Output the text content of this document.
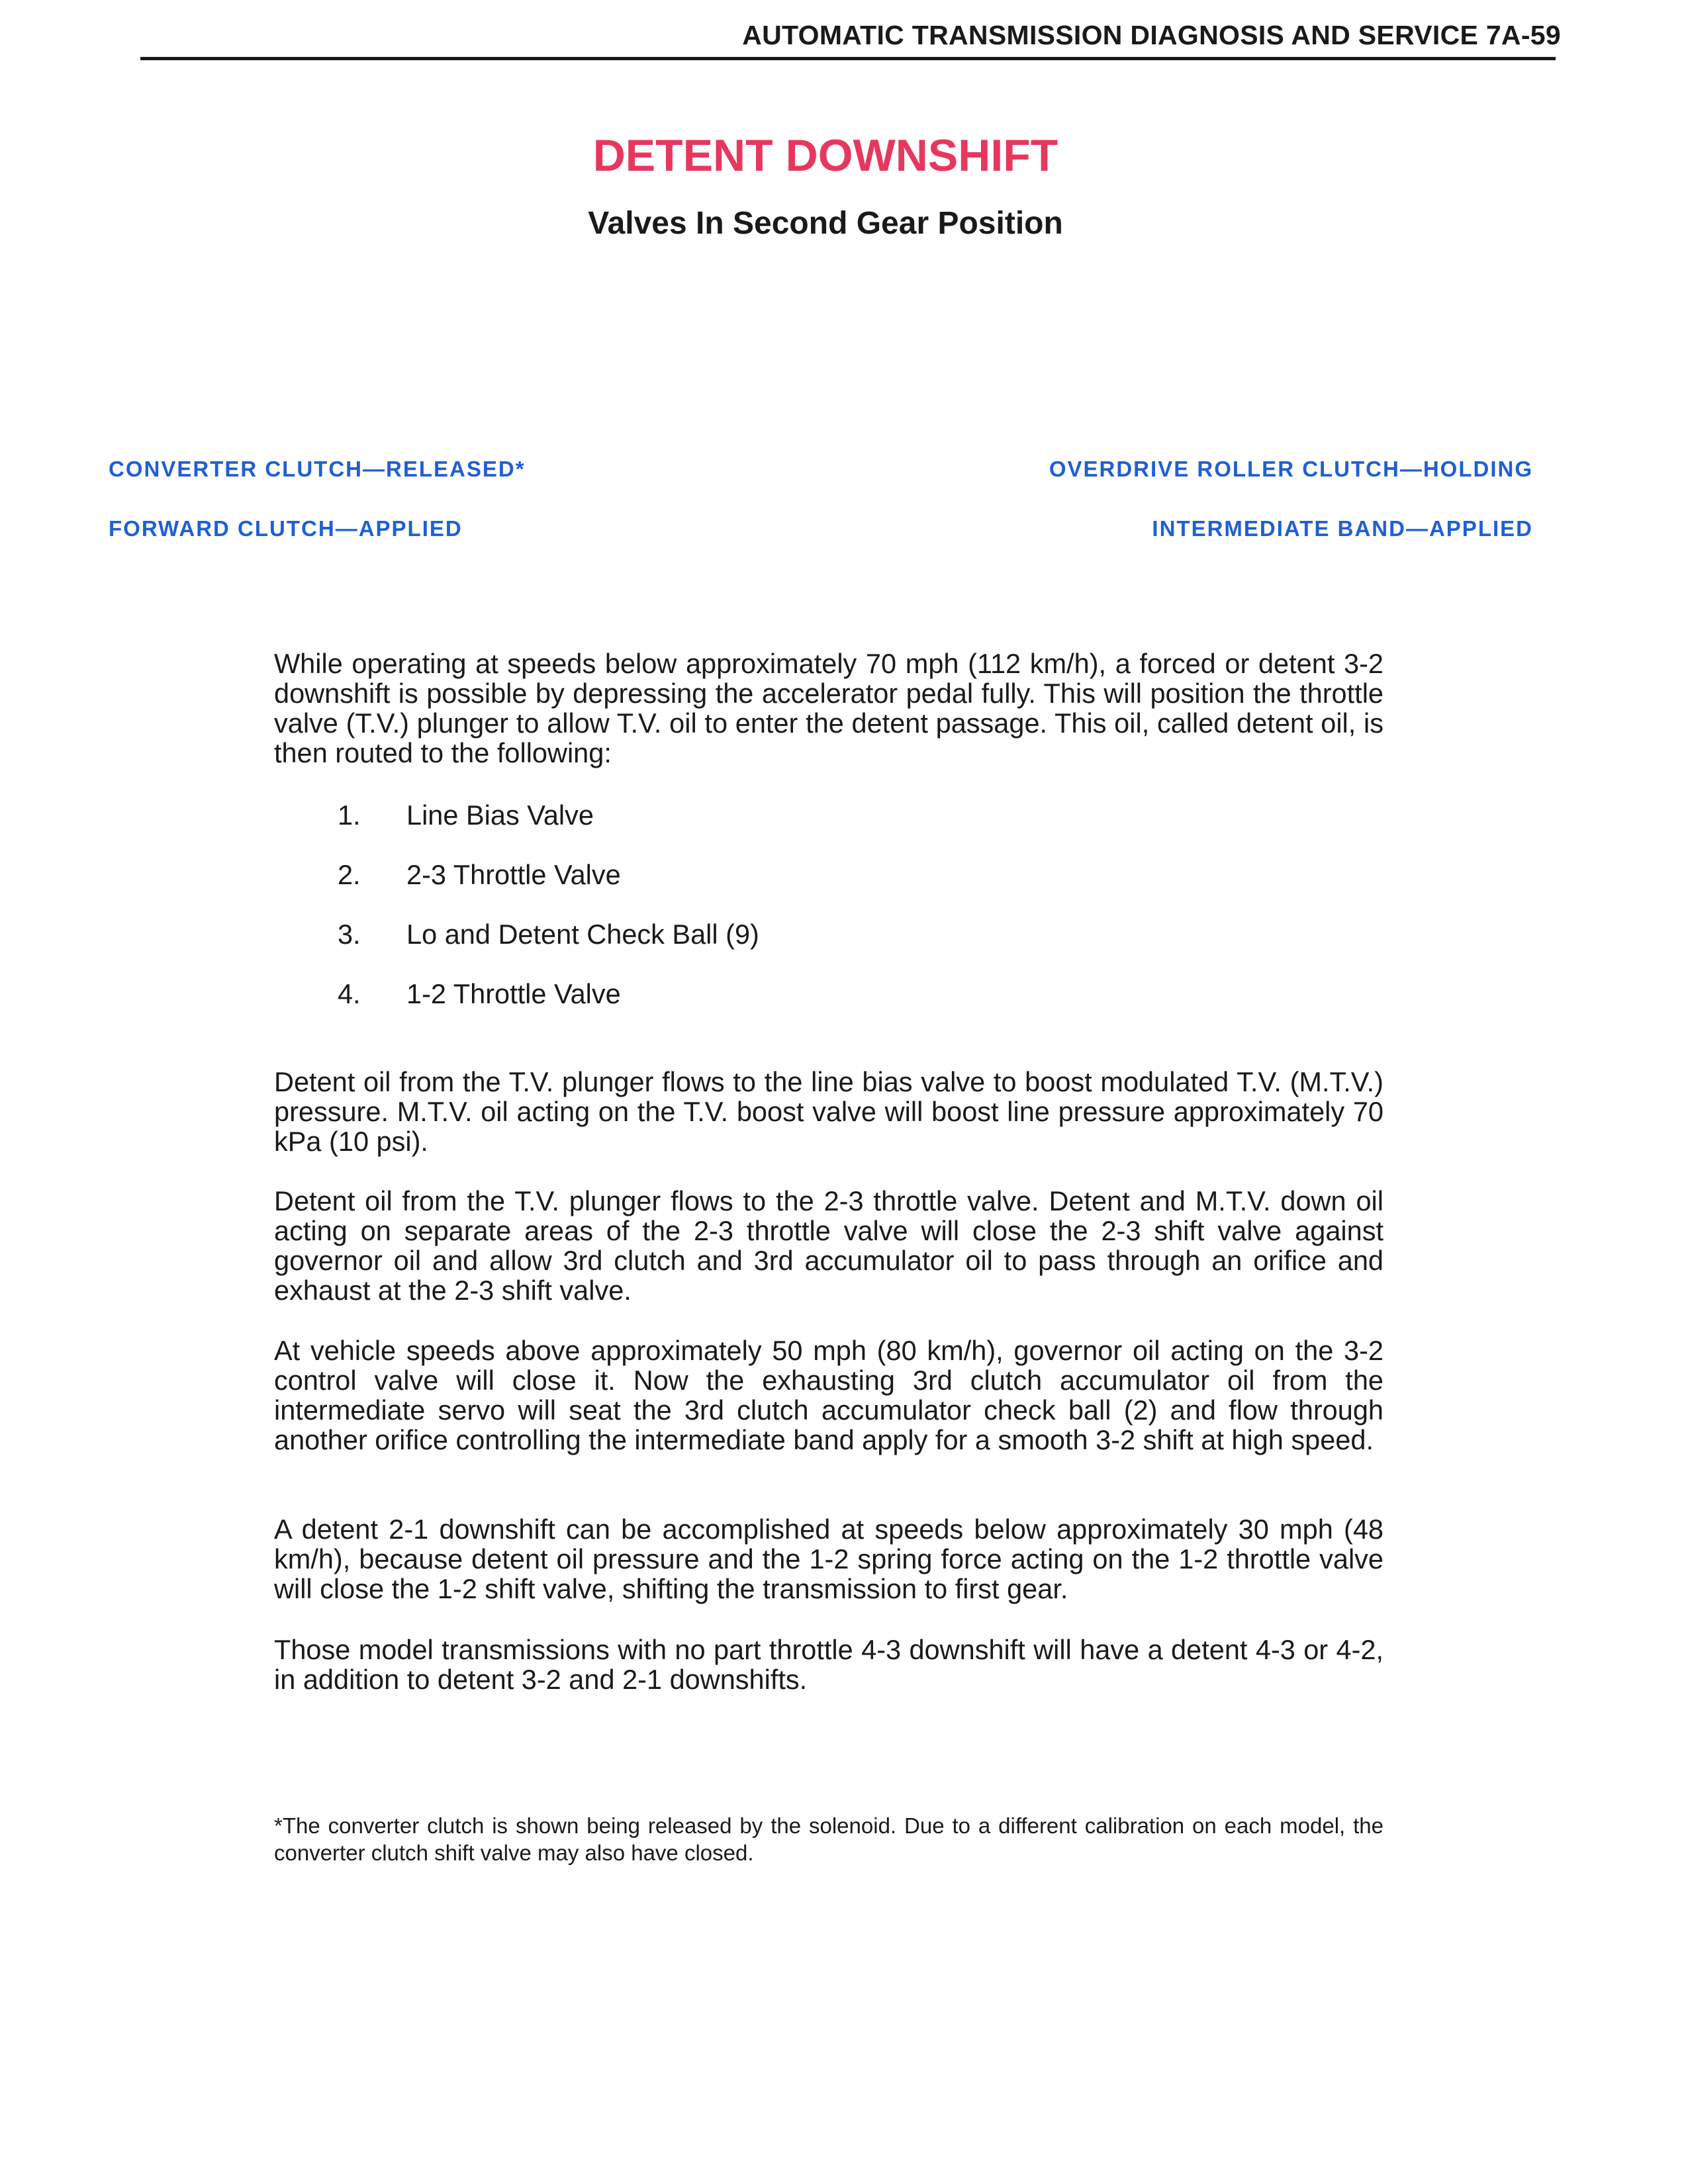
AUTOMATIC TRANSMISSION DIAGNOSIS AND SERVICE 7A-59
DETENT DOWNSHIFT
Valves In Second Gear Position
CONVERTER CLUTCH—RELEASED*	OVERDRIVE ROLLER CLUTCH—HOLDING
FORWARD CLUTCH—APPLIED	INTERMEDIATE BAND—APPLIED
While operating at speeds below approximately 70 mph (112 km/h), a forced or detent 3-2 downshift is possible by depressing the accelerator pedal fully. This will position the throttle valve (T.V.) plunger to allow T.V. oil to enter the detent passage. This oil, called detent oil, is then routed to the following:
1. Line Bias Valve
2. 2-3 Throttle Valve
3. Lo and Detent Check Ball (9)
4. 1-2 Throttle Valve
Detent oil from the T.V. plunger flows to the line bias valve to boost modulated T.V. (M.T.V.) pressure. M.T.V. oil acting on the T.V. boost valve will boost line pressure approximately 70 kPa (10 psi).
Detent oil from the T.V. plunger flows to the 2-3 throttle valve. Detent and M.T.V. down oil acting on separate areas of the 2-3 throttle valve will close the 2-3 shift valve against governor oil and allow 3rd clutch and 3rd accumulator oil to pass through an orifice and exhaust at the 2-3 shift valve.
At vehicle speeds above approximately 50 mph (80 km/h), governor oil acting on the 3-2 control valve will close it. Now the exhausting 3rd clutch accumulator oil from the intermediate servo will seat the 3rd clutch accumulator check ball (2) and flow through another orifice controlling the intermediate band apply for a smooth 3-2 shift at high speed.
A detent 2-1 downshift can be accomplished at speeds below approximately 30 mph (48 km/h), because detent oil pressure and the 1-2 spring force acting on the 1-2 throttle valve will close the 1-2 shift valve, shifting the transmission to first gear.
Those model transmissions with no part throttle 4-3 downshift will have a detent 4-3 or 4-2, in addition to detent 3-2 and 2-1 downshifts.
*The converter clutch is shown being released by the solenoid. Due to a different calibration on each model, the converter clutch shift valve may also have closed.
